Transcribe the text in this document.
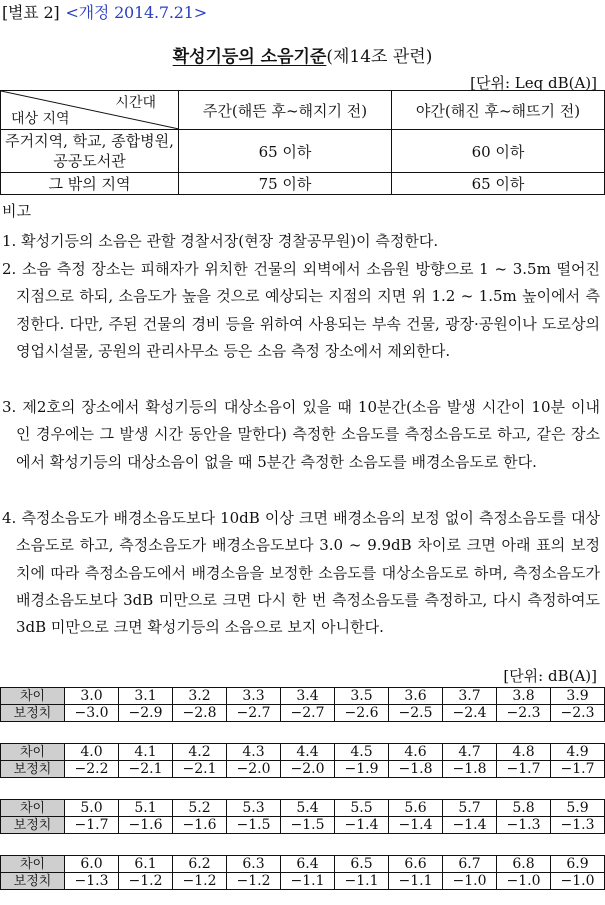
[별표 2] <개정 2014.7.21>
확성기등의 소음기준(제14조 관련)
[단위: Leq dB(A)]
시간대
대상 지역	주간(해뜬 후~해지기 전)	야간(해진 후~해뜨기 전)
주거지역, 학교, 종합병원, 공공도서관	65 이하	60 이하
그 밖의 지역	75 이하	65 이하
비고
1. 확성기등의 소음은 관할 경찰서장(현장 경찰공무원)이 측정한다.
2. 소음 측정 장소는 피해자가 위치한 건물의 외벽에서 소음원 방향으로 1 ~ 3.5m 떨어진 지점으로 하되, 소음도가 높을 것으로 예상되는 지점의 지면 위 1.2 ~ 1.5m 높이에서 측정한다. 다만, 주된 건물의 경비 등을 위하여 사용되는 부속 건물, 광장·공원이나 도로상의 영업시설물, 공원의 관리사무소 등은 소음 측정 장소에서 제외한다.
3. 제2호의 장소에서 확성기등의 대상소음이 있을 때 10분간(소음 발생 시간이 10분 이내인 경우에는 그 발생 시간 동안을 말한다) 측정한 소음도를 측정소음도로 하고, 같은 장소에서 확성기등의 대상소음이 없을 때 5분간 측정한 소음도를 배경소음도로 한다.
4. 측정소음도가 배경소음도보다 10dB 이상 크면 배경소음의 보정 없이 측정소음도를 대상소음도로 하고, 측정소음도가 배경소음도보다 3.0 ~ 9.9dB 차이로 크면 아래 표의 보정치에 따라 측정소음도에서 배경소음을 보정한 소음도를 대상소음도로 하며, 측정소음도가 배경소음도보다 3dB 미만으로 크면 다시 한 번 측정소음도를 측정하고, 다시 측정하여도 3dB 미만으로 크면 확성기등의 소음으로 보지 아니한다.
[단위: dB(A)]
차이	3.0	3.1	3.2	3.3	3.4	3.5	3.6	3.7	3.8	3.9
보정치	−3.0	−2.9	−2.8	−2.7	−2.7	−2.6	−2.5	−2.4	−2.3	−2.3
차이	4.0	4.1	4.2	4.3	4.4	4.5	4.6	4.7	4.8	4.9
보정치	−2.2	−2.1	−2.1	−2.0	−2.0	−1.9	−1.8	−1.8	−1.7	−1.7
차이	5.0	5.1	5.2	5.3	5.4	5.5	5.6	5.7	5.8	5.9
보정치	−1.7	−1.6	−1.6	−1.5	−1.5	−1.4	−1.4	−1.4	−1.3	−1.3
차이	6.0	6.1	6.2	6.3	6.4	6.5	6.6	6.7	6.8	6.9
보정치	−1.3	−1.2	−1.2	−1.2	−1.1	−1.1	−1.1	−1.0	−1.0	−1.0
